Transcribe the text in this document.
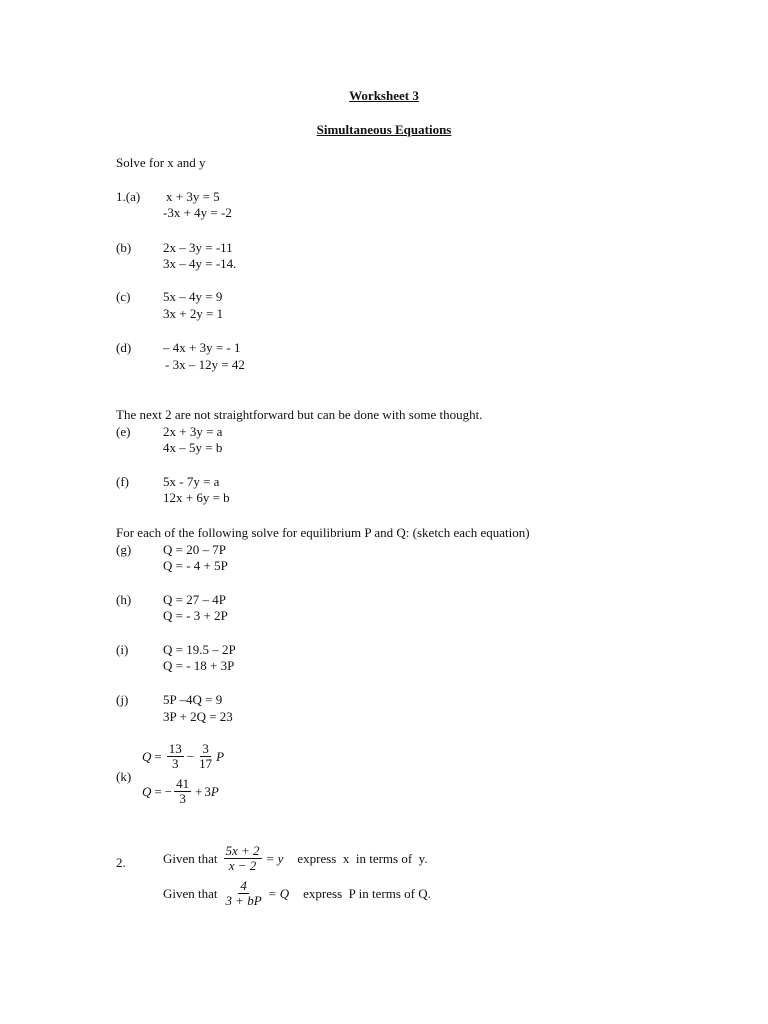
Worksheet 3
Simultaneous Equations
Solve for x and y
1.(a) x + 3y = 5
-3x + 4y = -2
(b) 2x – 3y = -11
3x – 4y = -14.
(c)	5x – 4y = 9
3x + 2y = 1
(d) – 4x + 3y = - 1
- 3x – 12y = 42
The next 2 are not straightforward but can be done with some thought.
(e)	2x + 3y = a
4x – 5y = b
(f)	5x - 7y = a
12x + 6y = b
For each of the following solve for equilibrium P and Q: (sketch each equation)
(g) Q = 20 – 7P
Q = - 4 + 5P
(h) Q = 27 – 4P
Q = - 3 + 2P
(i)	Q = 19.5 – 2P
Q = - 18 + 3P
(j)	5P –4Q = 9
3P + 2Q = 23
$Q = \frac{13}{3} - \frac{3}{17}$ P
(k)
Q = − $\frac{41}{3} + 3$ P
2.	Given that $\frac{5x + 2}{x - 2} = y$ express  x  in terms of  y.
Given that $\frac{4}{3 + bP} = Q$ express  P in terms of Q.
